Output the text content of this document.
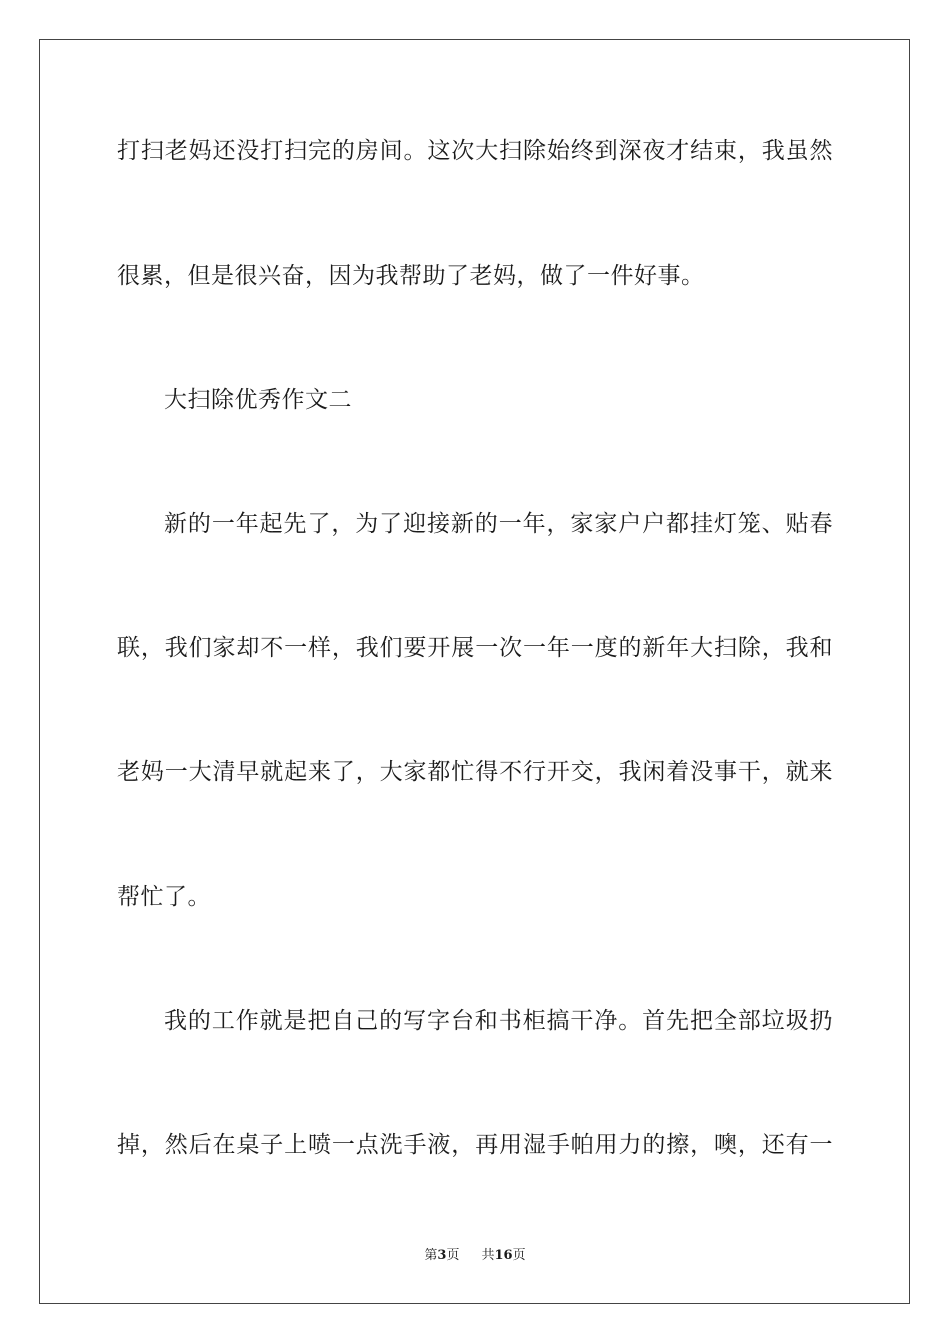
打扫老妈还没打扫完的房间。这次大扫除始终到深夜才结束，我虽然
很累，但是很兴奋，因为我帮助了老妈，做了一件好事。
大扫除优秀作文二
新的一年起先了，为了迎接新的一年，家家户户都挂灯笼、贴春
联，我们家却不一样，我们要开展一次一年一度的新年大扫除，我和
老妈一大清早就起来了，大家都忙得不行开交，我闲着没事干，就来
帮忙了。
我的工作就是把自己的写字台和书柜搞干净。首先把全部垃圾扔
掉，然后在桌子上喷一点洗手液，再用湿手帕用力的擦，噢，还有一
第3页 共16页
